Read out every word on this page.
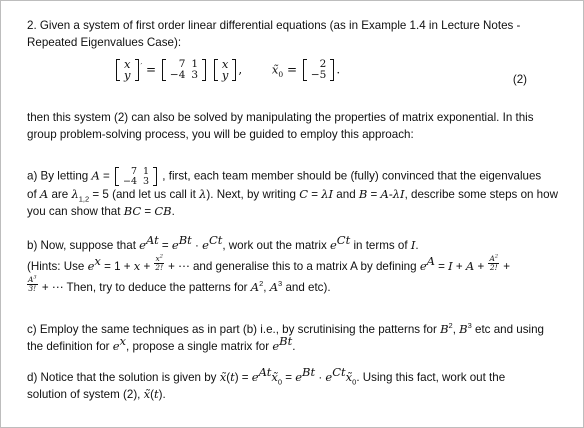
2. Given a system of first order linear differential equations (as in Example 1.4 in Lecture Notes -
Repeated Eigenvalues Case):
x
y
′ = 7	1
−4	3

x
y ,  $x̃_0 = 2$
−5 .
(2)
then this system (2) can also be solved by manipulating the properties of matrix exponential. In this
group problem-solving process, you will be guided to employ this approach:
a) By letting A = 7	1
−4	3 , first, each team member should be (fully) convinced that the eigenvalues
of A are $\lambda_{1,2} = 5$ (and let us call it λ). Next, by writing C = λI and B = A-λI, describe some steps on how
you can show that BC = CB.
b) Now, suppose that $e^{At} = e^{Bt} \cdot e^{Ct}$, work out the matrix $e^{Ct}$ in terms of I.
(Hints: Use $e^x = 1 + x + \frac{x^2}{2!}$ + ⋯ and generalise this to a matrix A by defining $e^A = I + A + \frac{A^2}{2!}$ +
$\frac{A^3}{3!}$ + ⋯ Then, try to deduce the patterns for $A^2$, $A^3$ and etc).
c) Employ the same techniques as in part (b) i.e., by scrutinising the patterns for $B^2$, $B^3$ etc and using
the definition for $e^x$, propose a single matrix for $e^{Bt}$.
d) Notice that the solution is given by x̃(t) = $e^{At}x̃_0 = e^{Bt}$ · $e^{Ct}x̃_0$. Using this fact, work out the
solution of system (2), x̃(t).
